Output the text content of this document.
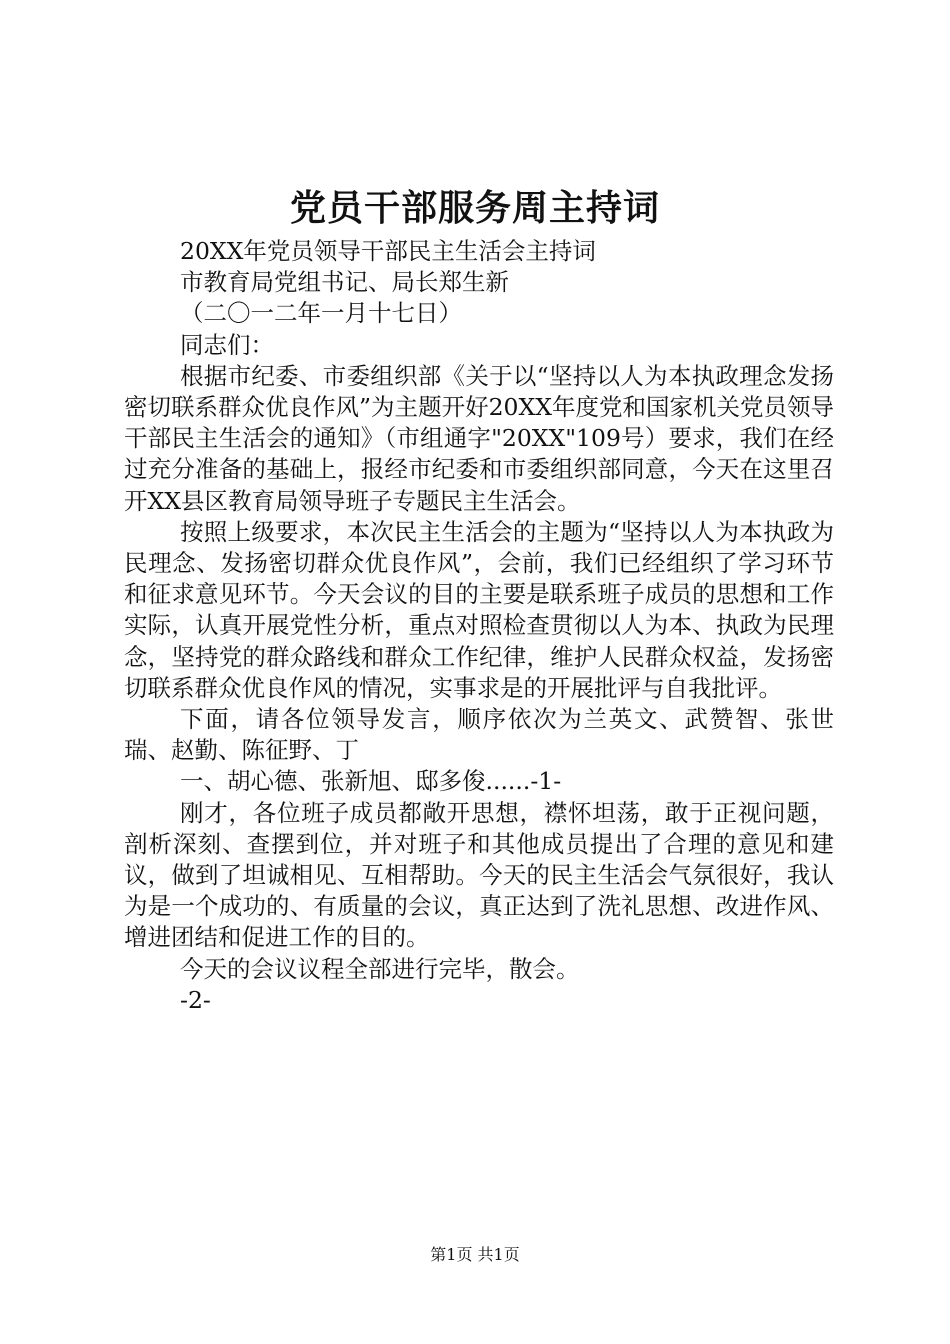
党员干部服务周主持词
20XX年党员领导干部民主生活会主持词
市教育局党组书记、局长郑生新
（二〇一二年一月十七日）
同志们：
根据市纪委、市委组织部《关于以“坚持以人为本执政理念发扬密切联系群众优良作风”为主题开好20XX年度党和国家机关党员领导干部民主生活会的通知》（市组通字"20XX"109号）要求，我们在经过充分准备的基础上，报经市纪委和市委组织部同意，今天在这里召开XX县区教育局领导班子专题民主生活会。
按照上级要求，本次民主生活会的主题为“坚持以人为本执政为民理念、发扬密切群众优良作风”，会前，我们已经组织了学习环节和征求意见环节。今天会议的目的主要是联系班子成员的思想和工作实际，认真开展党性分析，重点对照检查贯彻以人为本、执政为民理念，坚持党的群众路线和群众工作纪律，维护人民群众权益，发扬密切联系群众优良作风的情况，实事求是的开展批评与自我批评。
下面，请各位领导发言，顺序依次为兰英文、武赞智、张世瑞、赵勤、陈征野、丁
一、胡心德、张新旭、邸多俊......-1-
刚才，各位班子成员都敞开思想，襟怀坦荡，敢于正视问题，剖析深刻、查摆到位，并对班子和其他成员提出了合理的意见和建议，做到了坦诚相见、互相帮助。今天的民主生活会气氛很好，我认为是一个成功的、有质量的会议，真正达到了洗礼思想、改进作风、增进团结和促进工作的目的。
今天的会议议程全部进行完毕，散会。
-2-
第1页 共1页
